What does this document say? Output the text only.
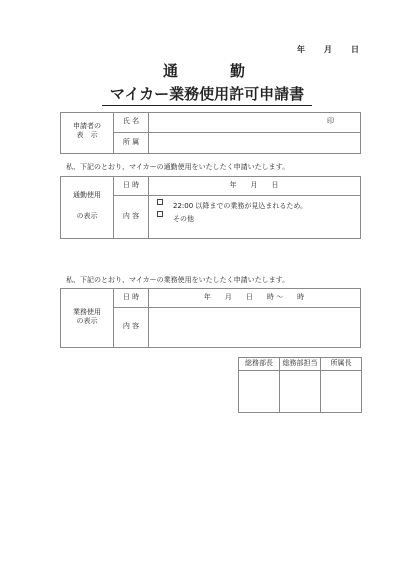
年 月 日
通	勤
マイカー業務使用許可申請書
申請者の
表　示
氏 名	印
所 属
私、下記のとおり、マイカーの通勤使用をいたしたく申請いたします。
通勤使用
の表示
日 時	年　　月　　日
内 容
22:00 以降までの業務が見込まれるため。
その他
私、下記のとおり、マイカーの業務使用をいたしたく申請いたします。
業務使用
の表示
日 時	年　　月　　日　　時 ～　　時
内 容
総務部長	総務部担当	所属長
